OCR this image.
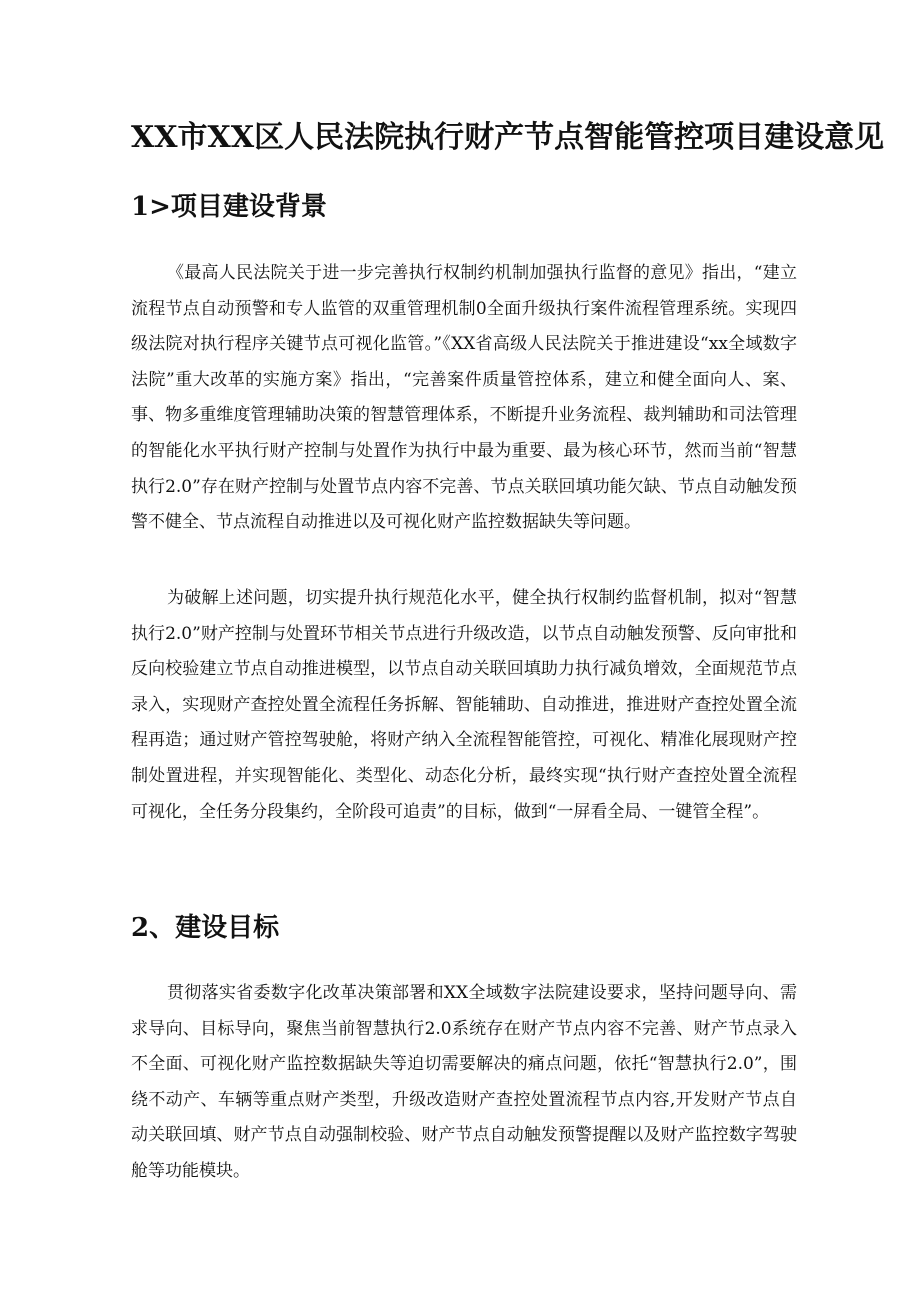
XX市XX区人民法院执行财产节点智能管控项目建设意见
1>项目建设背景

《最高人民法院关于进一步完善执行权制约机制加强执行监督的意见》指出，“建立流程节点自动预警和专人监管的双重管理机制0全面升级执行案件流程管理系统。实现四级法院对执行程序关键节点可视化监管。”《XX省高级人民法院关于推进建设“xx全域数字法院”重大改革的实施方案》指出，“完善案件质量管控体系，建立和健全面向人、案、事、物多重维度管理辅助决策的智慧管理体系，不断提升业务流程、裁判辅助和司法管理的智能化水平执行财产控制与处置作为执行中最为重要、最为核心环节，然而当前“智慧执行2.0”存在财产控制与处置节点内容不完善、节点关联回填功能欠缺、节点自动触发预警不健全、节点流程自动推进以及可视化财产监控数据缺失等问题。

为破解上述问题，切实提升执行规范化水平，健全执行权制约监督机制，拟对“智慧执行2.0”财产控制与处置环节相关节点进行升级改造，以节点自动触发预警、反向审批和反向校验建立节点自动推进模型，以节点自动关联回填助力执行减负增效，全面规范节点录入，实现财产查控处置全流程任务拆解、智能辅助、自动推进，推进财产查控处置全流程再造；通过财产管控驾驶舱，将财产纳入全流程智能管控，可视化、精准化展现财产控制处置进程，并实现智能化、类型化、动态化分析，最终实现“执行财产查控处置全流程可视化，全任务分段集约，全阶段可追责”的目标，做到“一屏看全局、一键管全程”。

2、建设目标

贯彻落实省委数字化改革决策部署和XX全域数字法院建设要求，坚持问题导向、需求导向、目标导向，聚焦当前智慧执行2.0系统存在财产节点内容不完善、财产节点录入不全面、可视化财产监控数据缺失等迫切需要解决的痛点问题，依托“智慧执行2.0”，围绕不动产、车辆等重点财产类型，升级改造财产查控处置流程节点内容,开发财产节点自动关联回填、财产节点自动强制校验、财产节点自动触发预警提醒以及财产监控数字驾驶舱等功能模块。
